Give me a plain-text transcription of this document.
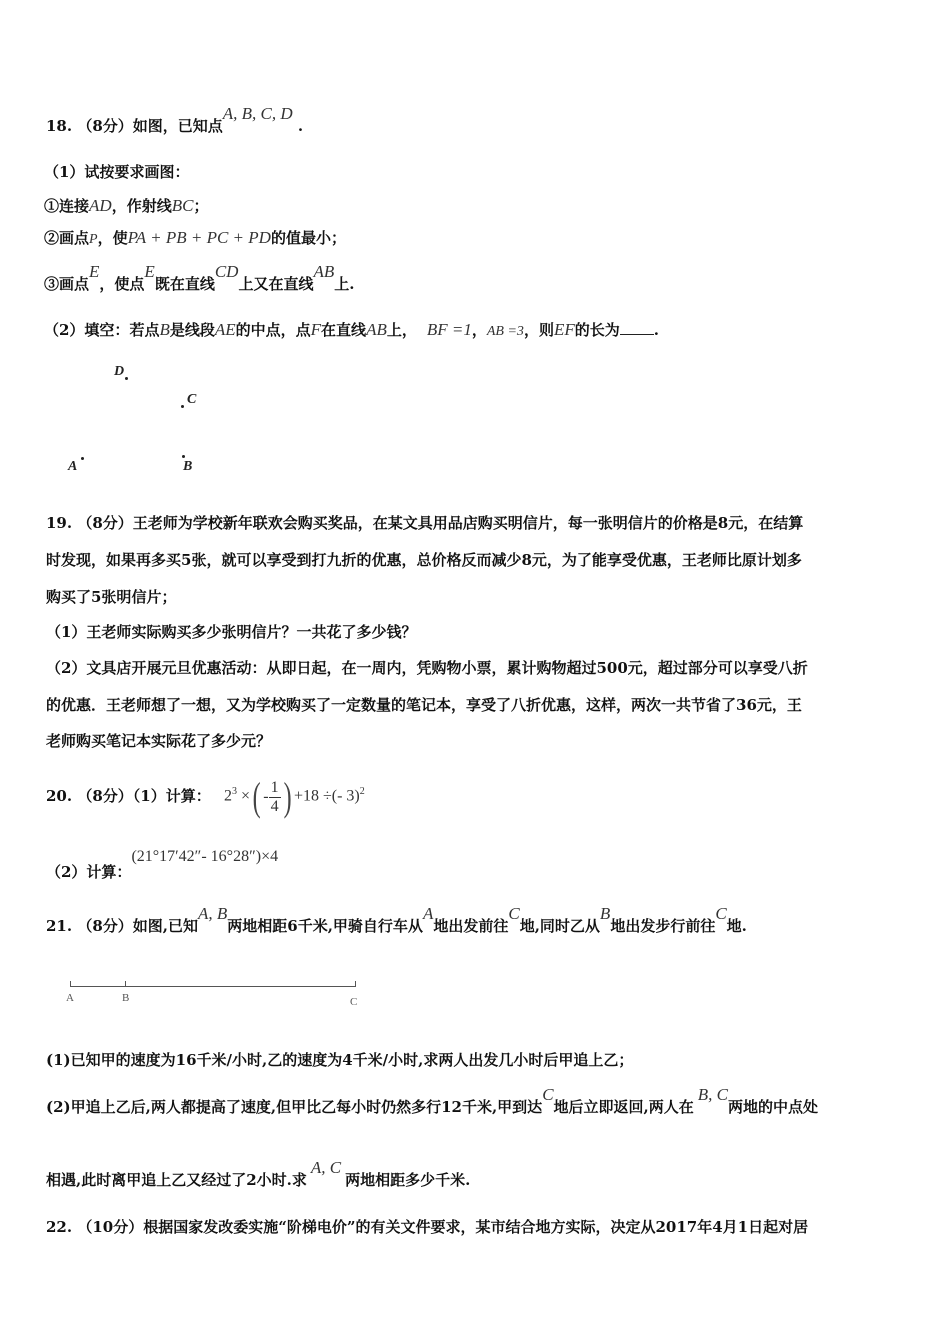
18. （8分）如图，已知点A, B, C, D .
（1）试按要求画图：
①连接AD，作射线BC；
②画点P，使PA + PB + PC + PD的值最小；
③画点E，使点E既在直线CD上又在直线AB上.
（2）填空：若点B是线段AE的中点，点F在直线AB上， BF =1，AB =3，则EF的长为 .
D
C
A	B
19. （8分）王老师为学校新年联欢会购买奖品，在某文具用品店购买明信片，每一张明信片的价格是8元，在结算
时发现，如果再多买5张，就可以享受到打九折的优惠，总价格反而减少8元，为了能享受优惠，王老师比原计划多
购买了5张明信片；
（1）王老师实际购买多少张明信片？一共花了多少钱？
（2）文具店开展元旦优惠活动：从即日起，在一周内，凭购物小票，累计购物超过500元，超过部分可以享受八折
的优惠．王老师想了一想，又为学校购买了一定数量的笔记本，享受了八折优惠，这样，两次一共节省了36元，王
老师购买笔记本实际花了多少元？
20. （8分）（1）计算： $2^3$ ×( - $\frac{1}{4}$ ) +18 ÷(- 3)$^2$
（2）计算：(21°17′42″- 16°28″)×4
21. （8分）如图,已知A, B两地相距6千米,甲骑自行车从A地出发前往C地,同时乙从B地出发步行前往C地.
A	B	C
(1)已知甲的速度为16千米/小时,乙的速度为4千米/小时,求两人出发几小时后甲追上乙；
(2)甲追上乙后,两人都提高了速度,但甲比乙每小时仍然多行12千米,甲到达C地后立即返回,两人在B, C两地的中点处
相遇,此时离甲追上乙又经过了2小时.求A, C两地相距多少千米.
22. （10分）根据国家发改委实施“阶梯电价”的有关文件要求，某市结合地方实际，决定从2017年4月1日起对居
